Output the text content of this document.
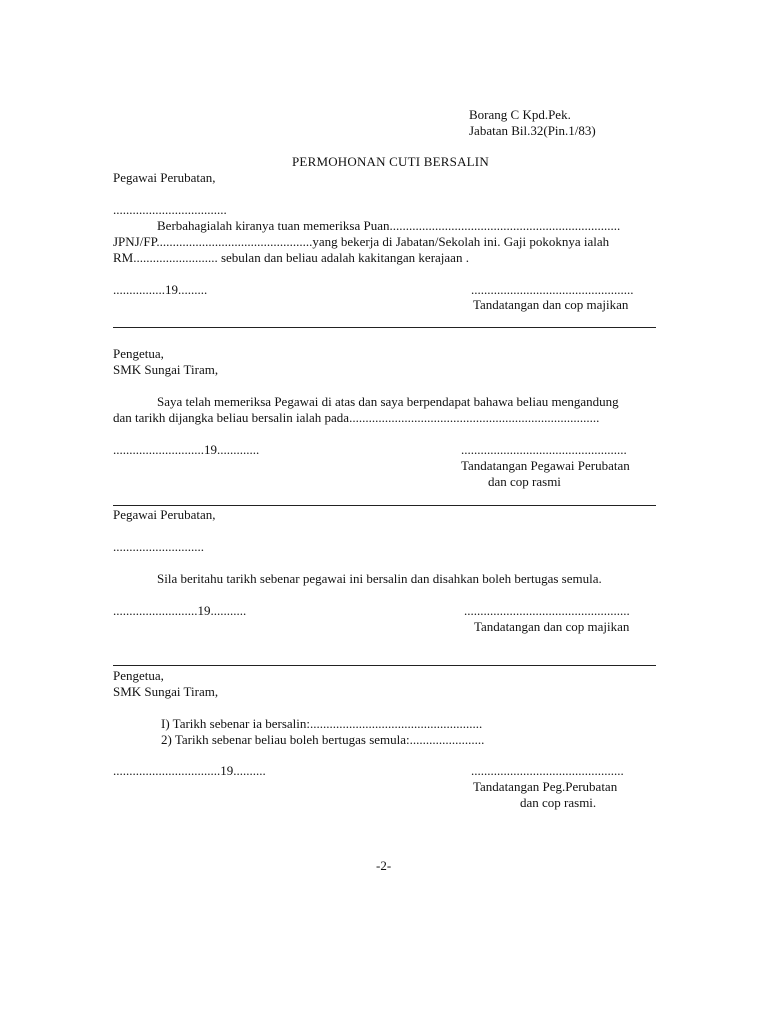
Borang C Kpd.Pek.
Jabatan Bil.32(Pin.1/83)
PERMOHONAN CUTI BERSALIN
Pegawai Perubatan,
...................................
Berbahagialah kiranya tuan memeriksa Puan.......................................................................
JPNJ/FP................................................yang bekerja di Jabatan/Sekolah ini. Gaji pokoknya ialah
RM.......................... sebulan dan beliau adalah kakitangan kerajaan .
................19.........	..................................................
Tandatangan dan cop majikan
Pengetua,
SMK Sungai Tiram,
Saya telah memeriksa Pegawai di atas dan saya berpendapat bahawa beliau mengandung
dan tarikh dijangka beliau bersalin ialah pada.............................................................................
............................19.............	...................................................
Tandatangan Pegawai Perubatan
dan cop rasmi
Pegawai Perubatan,
............................
Sila beritahu tarikh sebenar pegawai ini bersalin dan disahkan boleh bertugas semula.
..........................19...........	...................................................
Tandatangan dan cop majikan
Pengetua,
SMK Sungai Tiram,
I) Tarikh sebenar ia bersalin:.....................................................
2) Tarikh sebenar beliau boleh bertugas semula:.......................
.................................19..........	...............................................
Tandatangan Peg.Perubatan
dan cop rasmi.
-2-
